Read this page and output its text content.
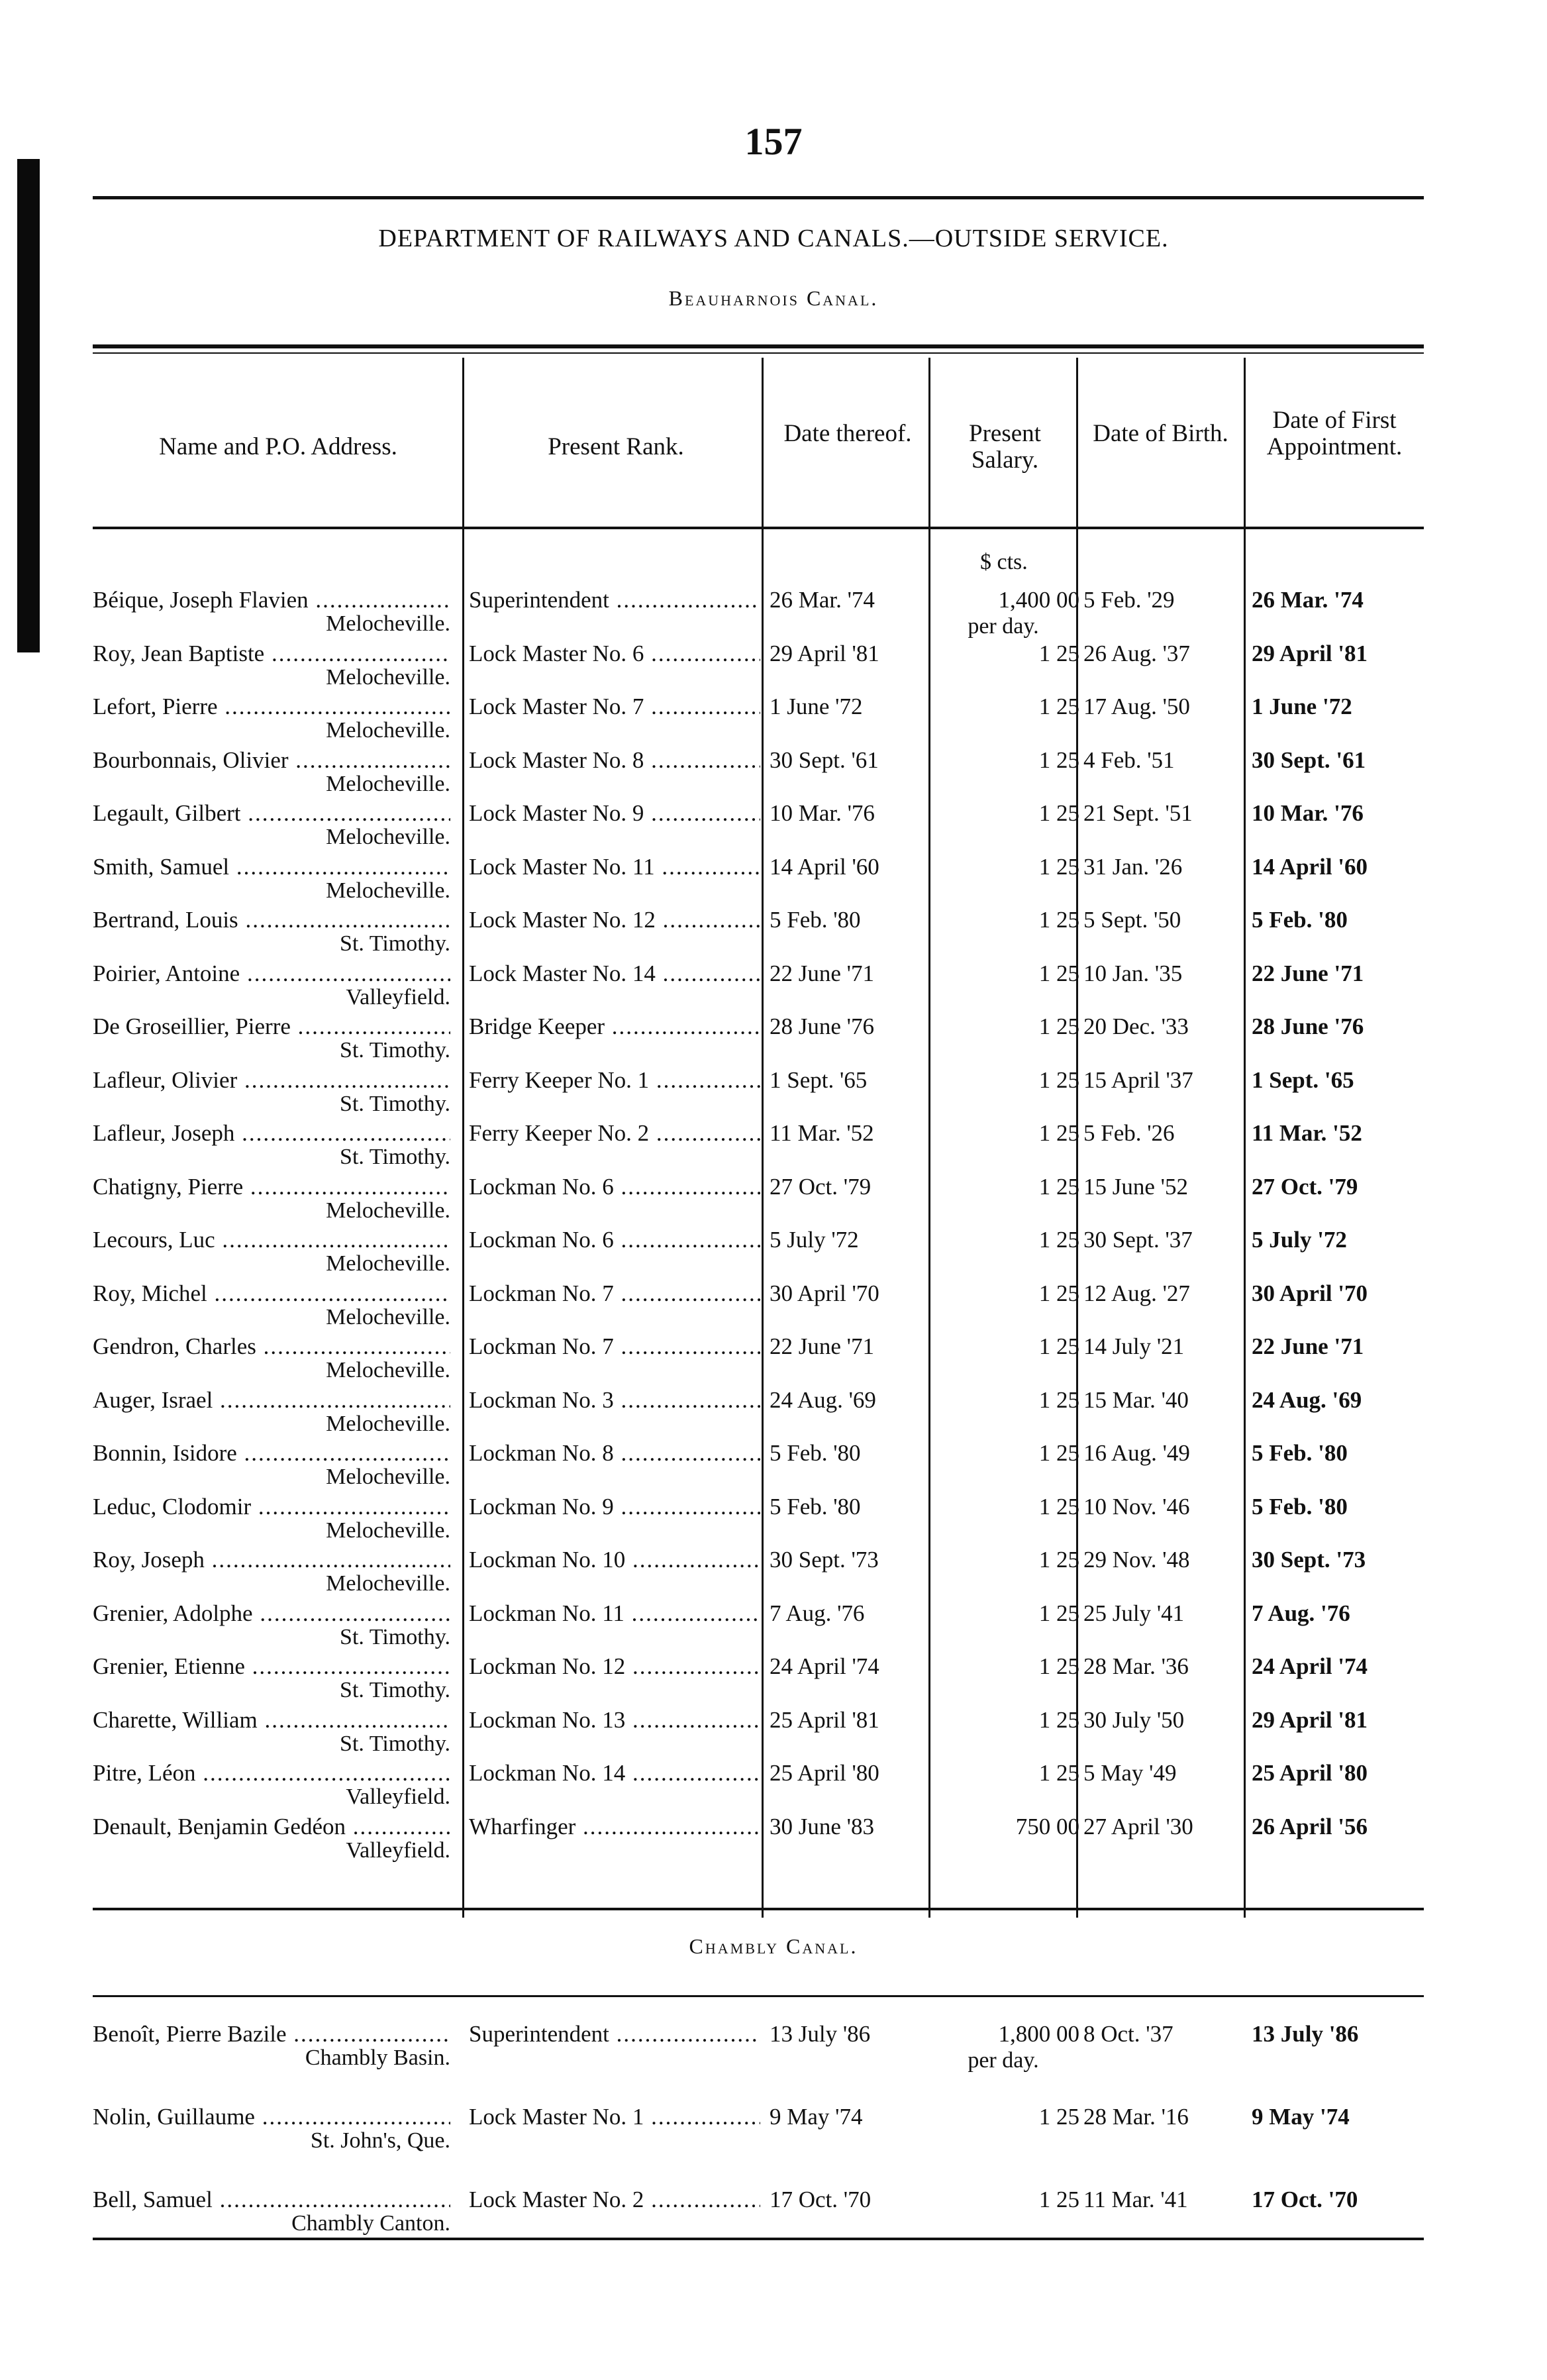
157
DEPARTMENT OF RAILWAYS AND CANALS.—OUTSIDE SERVICE.
Beauharnois Canal.
Name and P.O. Address.	Present Rank.	Date thereof.	Present Salary.
Date of Birth.	Date of First Appointment.
$ cts.
Béique, Joseph Flavien .....
Melocheville.
Superintendent .....	26 Mar. '74	1,400 00 5 Feb. '29	26 Mar. '74
per day.
Roy, Jean Baptiste .....
Melocheville.
Lock Master No. 6 .....	29 April '81	1 25 26 Aug. '37	29 April '81
Lefort, Pierre .....
Melocheville.
Lock Master No. 7 .....	1 June '72	1 25 17 Aug. '50	1 June '72
Bourbonnais, Olivier .....
Melocheville.
Lock Master No. 8 .....	30 Sept. '61	1 25 4 Feb. '51	30 Sept. '61
Legault, Gilbert .....
Melocheville.
Lock Master No. 9 .....	10 Mar. '76	1 25 21 Sept. '51	10 Mar. '76
Smith, Samuel .....
Melocheville.
Lock Master No. 11 .....	14 April '60	1 25 31 Jan. '26	14 April '60
Bertrand, Louis .....
St. Timothy.
Lock Master No. 12 .....	5 Feb. '80	1 25 5 Sept. '50	5 Feb. '80
Poirier, Antoine .....
Valleyfield.
Lock Master No. 14 .....	22 June '71	1 25 10 Jan. '35	22 June '71
De Groseillier, Pierre .....
St. Timothy.
Bridge Keeper .....	28 June '76	1 25 20 Dec. '33	28 June '76
Lafleur, Olivier .....
St. Timothy.
Ferry Keeper No. 1 .....	1 Sept. '65	1 25 15 April '37	1 Sept. '65
Lafleur, Joseph .....
St. Timothy.
Ferry Keeper No. 2 .....	11 Mar. '52	1 25 5 Feb. '26	11 Mar. '52
Chatigny, Pierre .....
Melocheville.
Lockman No. 6 .....	27 Oct. '79	1 25 15 June '52	27 Oct. '79
Lecours, Luc .....
Melocheville.
Lockman No. 6 .....	5 July '72	1 25 30 Sept. '37	5 July '72
Roy, Michel .....
Melocheville.
Lockman No. 7 .....	30 April '70	1 25 12 Aug. '27	30 April '70
Gendron, Charles .....
Melocheville.
Lockman No. 7 .....	22 June '71	1 25 14 July '21	22 June '71
Auger, Israel .....
Melocheville.
Lockman No. 3 .....	24 Aug. '69	1 25 15 Mar. '40	24 Aug. '69
Bonnin, Isidore .....
Melocheville.
Lockman No. 8 .....	5 Feb. '80	1 25 16 Aug. '49	5 Feb. '80
Leduc, Clodomir .....
Melocheville.
Lockman No. 9 .....	5 Feb. '80	1 25 10 Nov. '46	5 Feb. '80
Roy, Joseph .....
Melocheville.
Lockman No. 10 .....	30 Sept. '73	1 25 29 Nov. '48	30 Sept. '73
Grenier, Adolphe .....
St. Timothy.
Lockman No. 11 .....	7 Aug. '76	1 25 25 July '41	7 Aug. '76
Grenier, Etienne .....
St. Timothy.
Lockman No. 12 .....	24 April '74	1 25 28 Mar. '36	24 April '74
Charette, William .....
St. Timothy.
Lockman No. 13 .....	25 April '81	1 25 30 July '50	29 April '81
Pitre, Léon .....
Valleyfield.
Lockman No. 14 .....	25 April '80	1 25 5 May '49	25 April '80
Denault, Benjamin Gedéon .....
Valleyfield.
Wharfinger .....	30 June '83	750 00 27 April '30	26 April '56
Chambly Canal.
Benoît, Pierre Bazile .....
Chambly Basin.
Superintendent .....	13 July '86	1,800 00 8 Oct. '37	13 July '86
per day.
Nolin, Guillaume .....
St. John's, Que.
Lock Master No. 1 .....	9 May '74	1 25 28 Mar. '16	9 May '74
Bell, Samuel .....
Chambly Canton.
Lock Master No. 2 .....	17 Oct. '70	1 25 11 Mar. '41	17 Oct. '70
